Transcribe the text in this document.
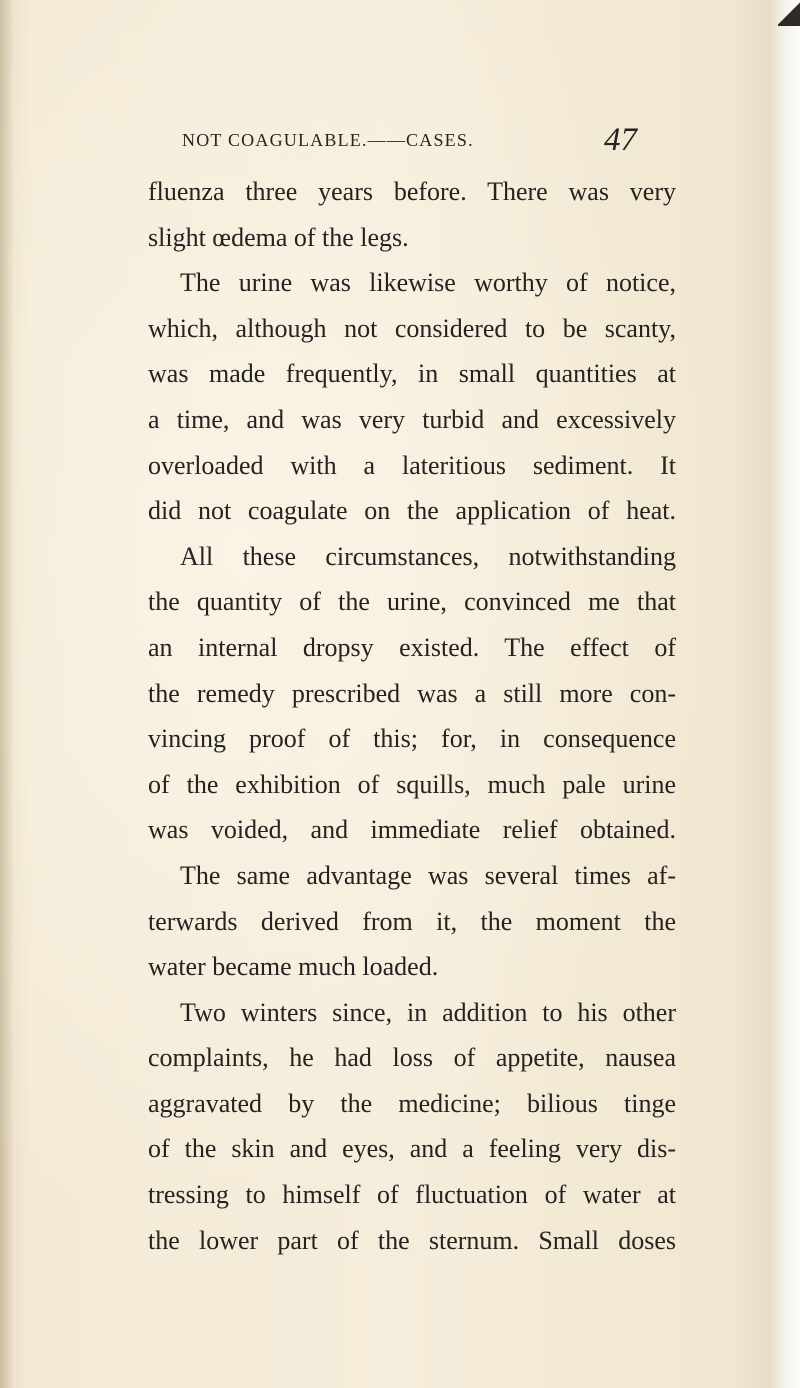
NOT COAGULABLE.——CASES.	47
fluenza three years before. There was very
slight œdema of the legs.
The urine was likewise worthy of notice,
which, although not considered to be scanty,
was made frequently, in small quantities at
a time, and was very turbid and excessively
overloaded with a lateritious sediment. It
did not coagulate on the application of heat.
All these circumstances, notwithstanding
the quantity of the urine, convinced me that
an internal dropsy existed. The effect of
the remedy prescribed was a still more con-
vincing proof of this; for, in consequence
of the exhibition of squills, much pale urine
was voided, and immediate relief obtained.
The same advantage was several times af-
terwards derived from it, the moment the
water became much loaded.
Two winters since, in addition to his other
complaints, he had loss of appetite, nausea
aggravated by the medicine; bilious tinge
of the skin and eyes, and a feeling very dis-
tressing to himself of fluctuation of water at
the lower part of the sternum. Small doses
